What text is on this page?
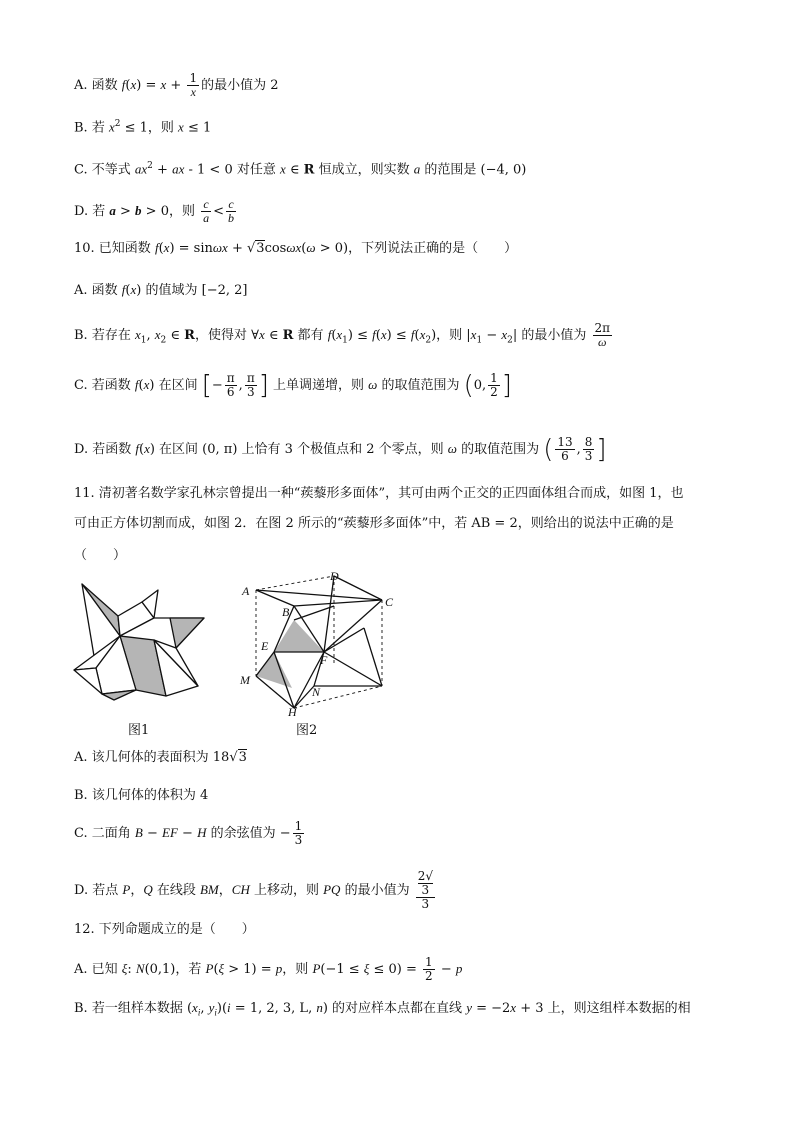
A. 函数 $f(x) = x + \frac{1}{x}$ 的最小值为 2
B. 若 $x^2 \le 1$，则 x ≤ 1
C. 不等式 $ax^2$ + ax - 1 < 0 对任意 x ∈ R 恒成立，则实数 a 的范围是 (−4, 0)
D. 若 a > b > 0，则 $\frac{c}{a} < \frac{c}{b}$
10. 已知函数 f(x) = sinωx + √3cosωx(ω > 0)，下列说法正确的是（　　）
A. 函数 f(x) 的值域为 [−2, 2]
B. 若存在 $x_1$, $x_2$ ∈ R，使得对 ∀x ∈ R 都有 $f(x_1) \le f(x) \le f(x_2)$，则 $|x_1 - x_2|$ 的最小值为 $\frac{2\pi}{\omega}$
C. 若函数 f(x) 在区间 [− $\frac{\pi}{6}$ , $\frac{\pi}{3}$ ] 上单调递增，则 ω 的取值范围为 (0, $\frac{1}{2}$ ]
D. 若函数 f(x) 在区间 (0, π) 上恰有 3 个极值点和 2 个零点，则 ω 的取值范围为 ( $\frac{13}{6}$ , $\frac{8}{3}$ ]
11. 清初著名数学家孔林宗曾提出一种“蒺藜形多面体”，其可由两个正交的正四面体组合而成，如图 1，也
可由正方体切割而成，如图 2．在图 2 所示的“蒺藜形多面体”中，若 AB = 2，则给出的说法中正确的是
（　　）
图1
A
B
C
D
E
F
M
N
H
图2
A. 该几何体的表面积为 18√3
B. 该几何体的体积为 4
C. 二面角 B − EF − H 的余弦值为 − $\frac{1}{3}$
D. 若点 P，Q 在线段 BM，CH 上移动，则 PQ 的最小值为 2√
3
3
12. 下列命题成立的是（　　）
A. 已知 ξ: N(0,1)，若 P(ξ > 1) = p，则 $P(-1 \le \xi \le 0) = \frac{1}{2} - p$
B. 若一组样本数据 ($x_i$, $y_i)(i = 1$, 2, 3, L, n) 的对应样本点都在直线 y = −2x + 3 上，则这组样本数据的相
